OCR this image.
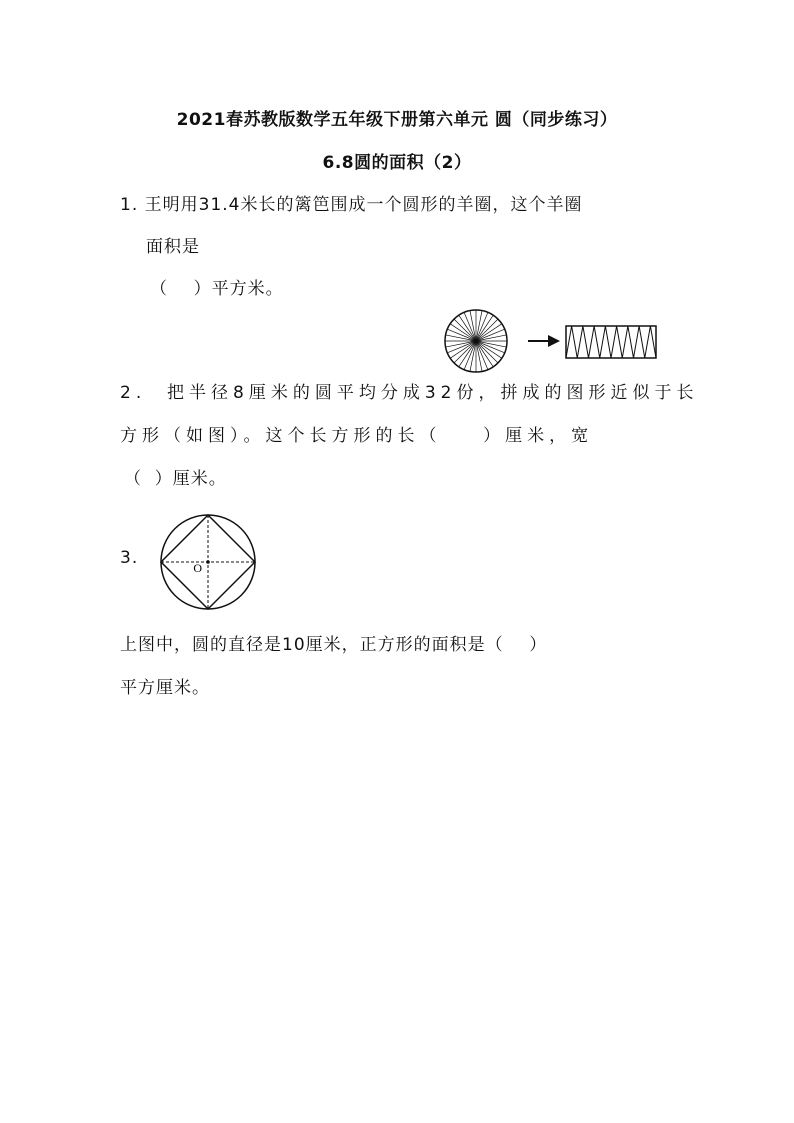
2021春苏教版数学五年级下册第六单元 圆（同步练习）
6.8圆的面积（2）
1. 王明用31.4米长的篱笆围成一个圆形的羊圈，这个羊圈
面积是
（    ）平方米。
2.  把半径8厘米的圆平均分成32份，拼成的图形近似于长
方形（如图）。这个长方形的长（    ）厘米，宽
（  ）厘米。
3.	O
上图中，圆的直径是10厘米，正方形的面积是（    ）
平方厘米。
